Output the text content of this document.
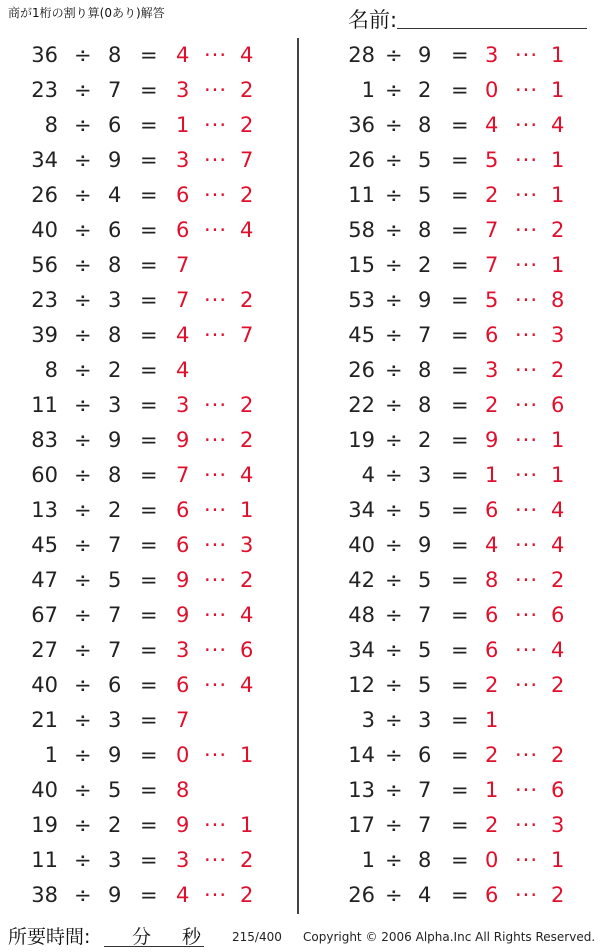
商が1桁の割り算(0あり)解答	名前:
36 ÷ 8 = 4 ··· 4
23 ÷ 7 = 3 ··· 2
8 ÷ 6 = 1 ··· 2
34 ÷ 9 = 3 ··· 7
26 ÷ 4 = 6 ··· 2
40 ÷ 6 = 6 ··· 4
56 ÷ 8 = 7
23 ÷ 3 = 7 ··· 2
39 ÷ 8 = 4 ··· 7
8 ÷ 2 = 4
11 ÷ 3 = 3 ··· 2
83 ÷ 9 = 9 ··· 2
60 ÷ 8 = 7 ··· 4
13 ÷ 2 = 6 ··· 1
45 ÷ 7 = 6 ··· 3
47 ÷ 5 = 9 ··· 2
67 ÷ 7 = 9 ··· 4
27 ÷ 7 = 3 ··· 6
40 ÷ 6 = 6 ··· 4
21 ÷ 3 = 7
1 ÷ 9 = 0 ··· 1
40 ÷ 5 = 8
19 ÷ 2 = 9 ··· 1
11 ÷ 3 = 3 ··· 2
38 ÷ 9 = 4 ··· 2
28 ÷ 9 = 3 ··· 1
1 ÷ 2 = 0 ··· 1
36 ÷ 8 = 4 ··· 4
26 ÷ 5 = 5 ··· 1
11 ÷ 5 = 2 ··· 1
58 ÷ 8 = 7 ··· 2
15 ÷ 2 = 7 ··· 1
53 ÷ 9 = 5 ··· 8
45 ÷ 7 = 6 ··· 3
26 ÷ 8 = 3 ··· 2
22 ÷ 8 = 2 ··· 6
19 ÷ 2 = 9 ··· 1
4 ÷ 3 = 1 ··· 1
34 ÷ 5 = 6 ··· 4
40 ÷ 9 = 4 ··· 4
42 ÷ 5 = 8 ··· 2
48 ÷ 7 = 6 ··· 6
34 ÷ 5 = 6 ··· 4
12 ÷ 5 = 2 ··· 2
3 ÷ 3 = 1
14 ÷ 6 = 2 ··· 2
13 ÷ 7 = 1 ··· 6
17 ÷ 7 = 2 ··· 3
1 ÷ 8 = 0 ··· 1
26 ÷ 4 = 6 ··· 2
所要時間: 分 秒	215/400 Copyright © 2006 Alpha.Inc All Rights Reserved.
